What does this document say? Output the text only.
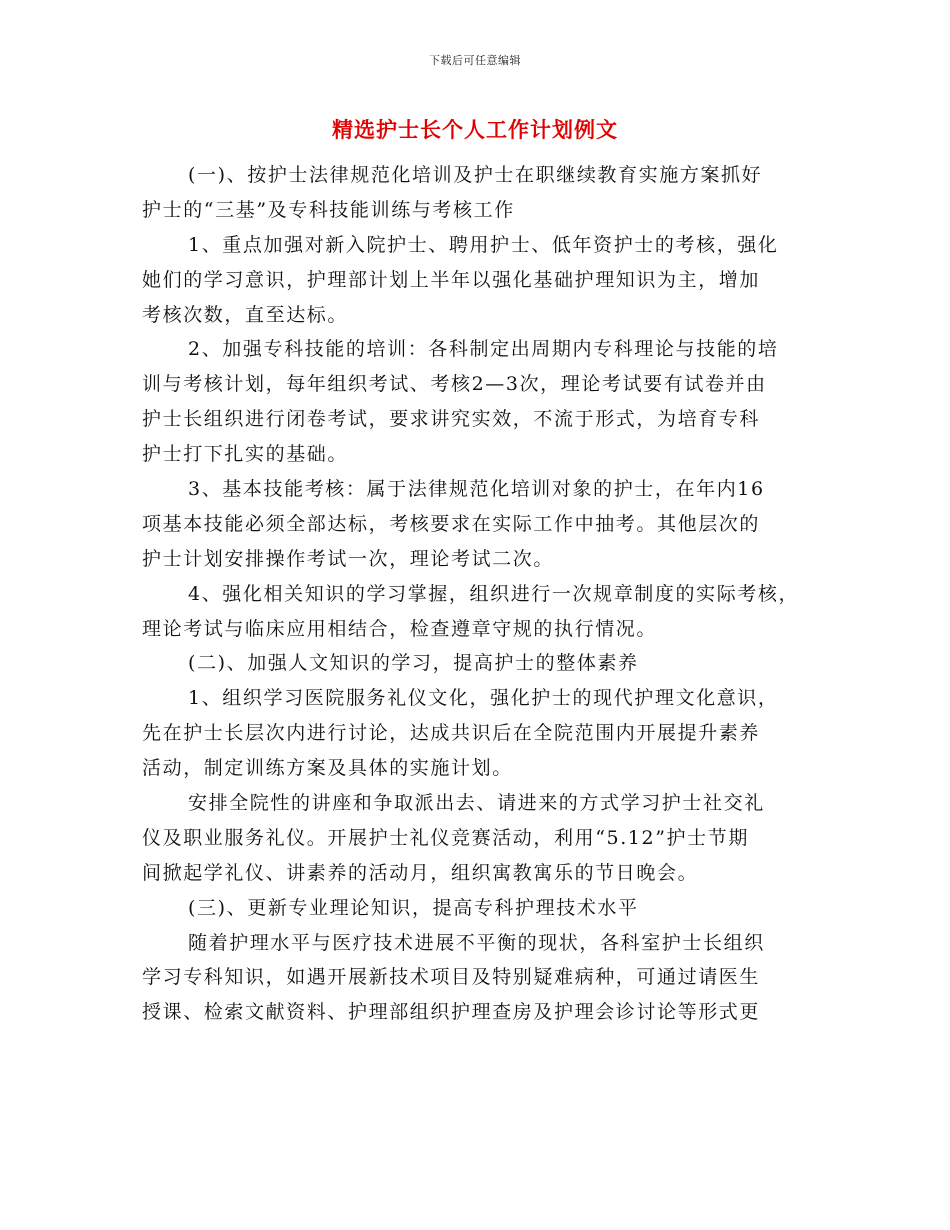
下载后可任意编辑
精选护士长个人工作计划例文
(一)、按护士法律规范化培训及护士在职继续教育实施方案抓好
护士的“三基”及专科技能训练与考核工作
1、重点加强对新入院护士、聘用护士、低年资护士的考核，强化
她们的学习意识，护理部计划上半年以强化基础护理知识为主，增加
考核次数，直至达标。
2、加强专科技能的培训：各科制定出周期内专科理论与技能的培
训与考核计划，每年组织考试、考核2—3次，理论考试要有试卷并由
护士长组织进行闭卷考试，要求讲究实效，不流于形式，为培育专科
护士打下扎实的基础。
3、基本技能考核：属于法律规范化培训对象的护士，在年内16
项基本技能必须全部达标，考核要求在实际工作中抽考。其他层次的
护士计划安排操作考试一次，理论考试二次。
4、强化相关知识的学习掌握，组织进行一次规章制度的实际考核，
理论考试与临床应用相结合，检查遵章守规的执行情况。
(二)、加强人文知识的学习，提高护士的整体素养
1、组织学习医院服务礼仪文化，强化护士的现代护理文化意识，
先在护士长层次内进行讨论，达成共识后在全院范围内开展提升素养
活动，制定训练方案及具体的实施计划。
安排全院性的讲座和争取派出去、请进来的方式学习护士社交礼
仪及职业服务礼仪。开展护士礼仪竞赛活动，利用“5.12”护士节期
间掀起学礼仪、讲素养的活动月，组织寓教寓乐的节日晚会。
(三)、更新专业理论知识，提高专科护理技术水平
随着护理水平与医疗技术进展不平衡的现状，各科室护士长组织
学习专科知识，如遇开展新技术项目及特别疑难病种，可通过请医生
授课、检索文献资料、护理部组织护理查房及护理会诊讨论等形式更
